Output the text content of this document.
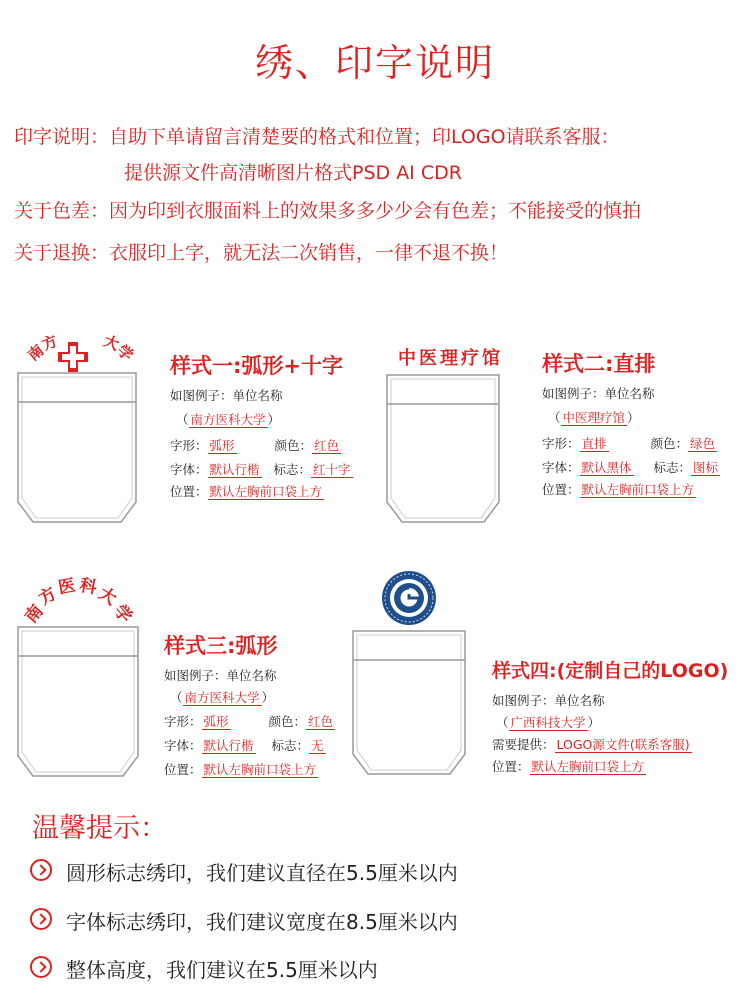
绣、印字说明
印字说明：自助下单请留言清楚要的格式和位置；印LOGO请联系客服：
提供源文件高清晰图片格式PSD AI CDR
关于色差：因为印到衣服面料上的效果多多少少会有色差；不能接受的慎拍
关于退换：衣服印上字，就无法二次销售，一律不退不换！
南
方	大
学
样式一:弧形+十字
如图例子：单位名称
（ 南方医科大学 ）
字形： 弧形	颜色： 红色
字体： 默认行楷 标志： 红十字
位置： 默认左胸前口袋上方
中医理疗馆 样式二:直排
如图例子：单位名称
（ 中医理疗馆 ）
字形： 直排	颜色： 绿色
字体： 默认黑体 标志： 图标
位置： 默认左胸前口袋上方
南
方
医 科
大
学
样式三:弧形
如图例子：单位名称
（ 南方医科大学 ）
字形： 弧形	颜色： 红色
字体： 默认行楷 标志： 无
位置： 默认左胸前口袋上方
样式四:(定制自己的LOGO)
如图例子：单位名称
（ 广西科技大学 ）
需要提供： LOGO源文件(联系客服)
位置： 默认左胸前口袋上方
温馨提示：
圆形标志绣印，我们建议直径在5.5厘米以内
字体标志绣印，我们建议宽度在8.5厘米以内
整体高度，我们建议在5.5厘米以内
